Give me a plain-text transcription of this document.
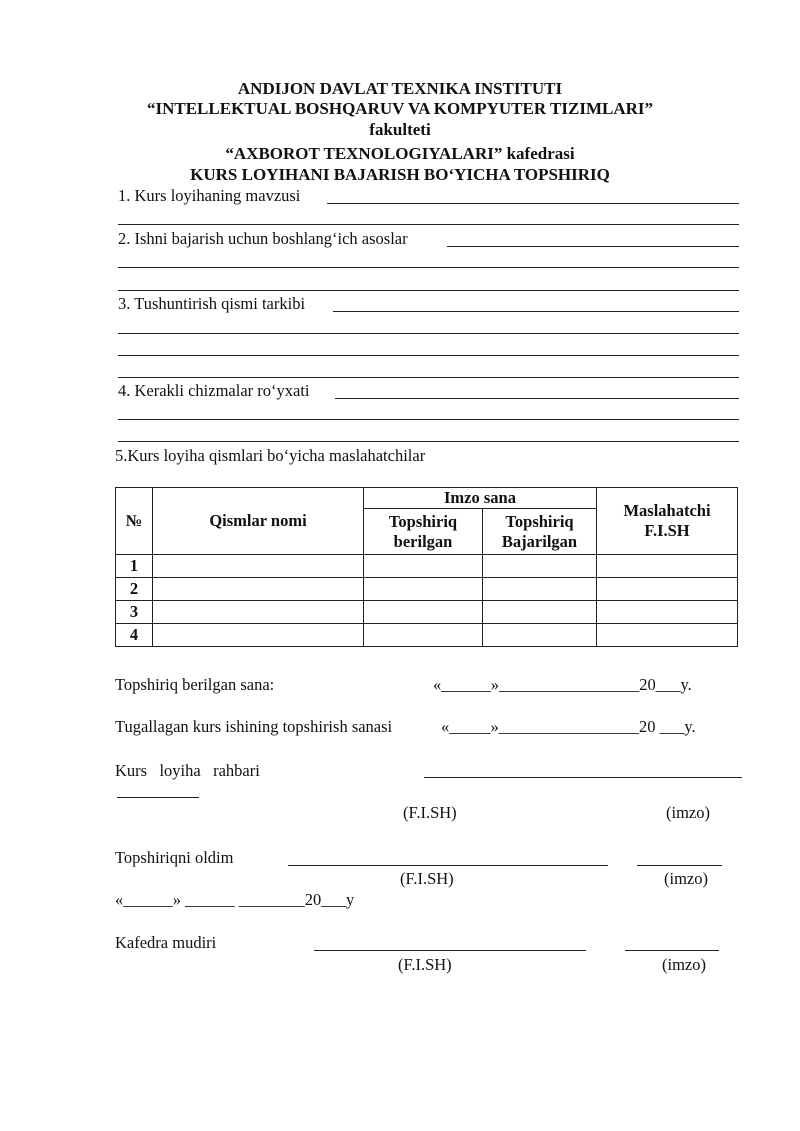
ANDIJON DAVLAT TEXNIKA INSTITUTI
“INTELLEKTUAL BOSHQARUV VA KOMPYUTER TIZIMLARI”
fakulteti
“AXBOROT TEXNOLOGIYALARI” kafedrasi
KURS LOYIHANI BAJARISH BO‘YICHA TOPSHIRIQ
1. Kurs loyihaning mavzusi
2. Ishni bajarish uchun boshlang‘ich asoslar
3. Tushuntirish qismi tarkibi
4. Kerakli chizmalar ro‘yxati
5.Kurs loyiha qismlari bo‘yicha maslahatchilar
№	Qismlar nomi	Imzo sana		Maslahatchi F.I.SH

		Topshiriq berilgan	Topshiriq Bajarilgan	

1				
2				
3				
4				
Topshiriq berilgan sana:	«______»_________________20___y.
Tugallagan kurs ishining topshirish sanasi	«_____»_________________20 ___y.
Kurs   loyiha   rahbari
(F.I.SH)	(imzo)
Topshiriqni oldim
(F.I.SH)	(imzo)
«______» ______ ________20___y
Kafedra mudiri
(F.I.SH)	(imzo)
